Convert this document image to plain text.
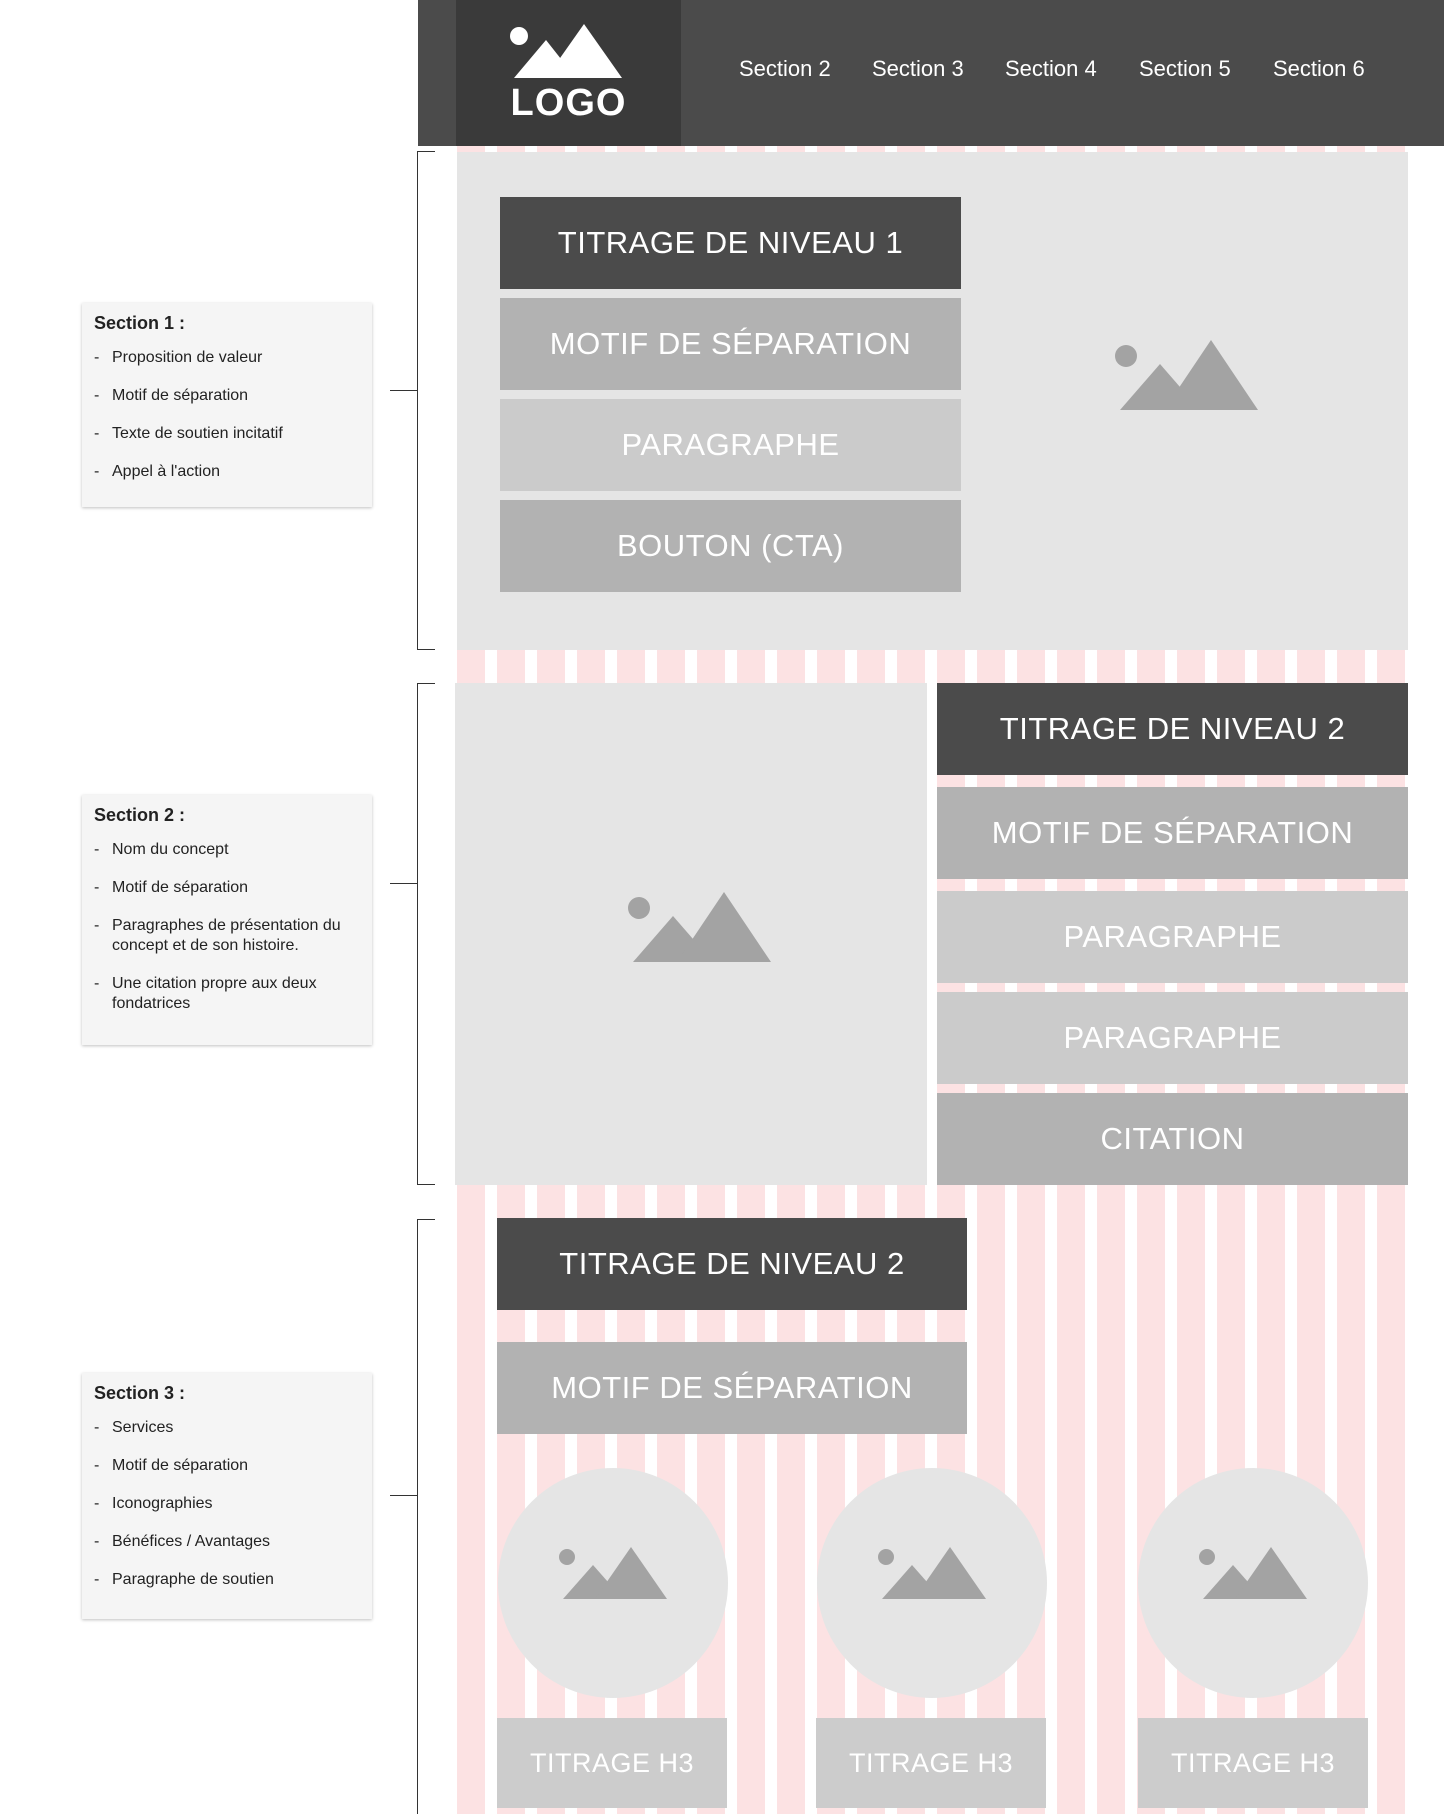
LOGO
Section 2 Section 3 Section 4 Section 5 Section 6
TITRAGE DE NIVEAU 1
MOTIF DE SÉPARATION
PARAGRAPHE
BOUTON (CTA)
TITRAGE DE NIVEAU 2
MOTIF DE SÉPARATION
PARAGRAPHE
PARAGRAPHE
CITATION
TITRAGE DE NIVEAU 2
MOTIF DE SÉPARATION
TITRAGE H3	TITRAGE H3	TITRAGE H3
Section 1 :
- Proposition de valeur
- Motif de séparation
- Texte de soutien incitatif
- Appel à l'action
Section 2 :
- Nom du concept
- Motif de séparation
- Paragraphes de présentation du concept et de son histoire.
- Une citation propre aux deux fondatrices
Section 3 :
- Services
- Motif de séparation
- Iconographies
- Bénéfices / Avantages
- Paragraphe de soutien
